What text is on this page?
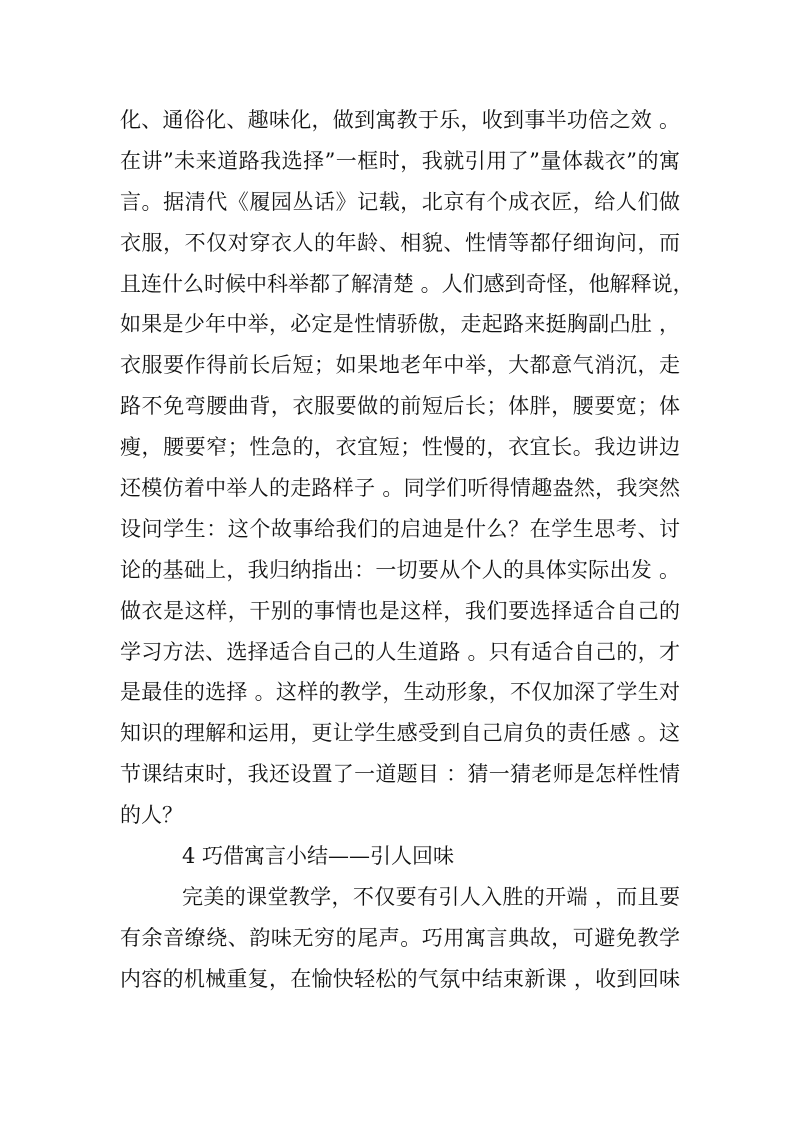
化、通俗化、趣味化，做到寓教于乐，收到事半功倍之效 。
在讲”未来道路我选择”一框时，我就引用了”量体裁衣”的寓
言。据清代《履园丛话》记载，北京有个成衣匠，给人们做
衣服，不仅对穿衣人的年龄、相貌、性情等都仔细询问，而
且连什么时候中科举都了解清楚 。人们感到奇怪，他解释说，
如果是少年中举，必定是性情骄傲，走起路来挺胸副凸肚 ，
衣服要作得前长后短；如果地老年中举，大都意气消沉，走
路不免弯腰曲背，衣服要做的前短后长；体胖，腰要宽；体
瘦，腰要窄；性急的，衣宜短；性慢的，衣宜长。我边讲边
还模仿着中举人的走路样子 。同学们听得情趣盎然，我突然
设问学生：这个故事给我们的启迪是什么？在学生思考、讨
论的基础上，我归纳指出：一切要从个人的具体实际出发 。
做衣是这样，干别的事情也是这样，我们要选择适合自己的
学习方法、选择适合自己的人生道路 。只有适合自己的，才
是最佳的选择 。这样的教学，生动形象，不仅加深了学生对
知识的理解和运用，更让学生感受到自己肩负的责任感 。这
节课结束时，我还设置了一道题目 ：猜一猜老师是怎样性情
的人？
4 巧借寓言小结——引人回味
完美的课堂教学，不仅要有引人入胜的开端 ，而且要
有余音缭绕、韵味无穷的尾声。巧用寓言典故，可避免教学
内容的机械重复，在愉快轻松的气氛中结束新课 ，收到回味
